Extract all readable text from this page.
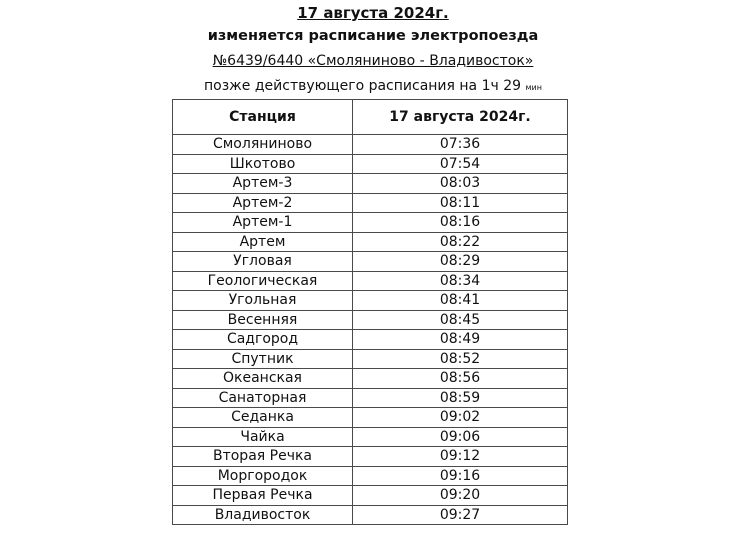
17 августа 2024г.
изменяется расписание электропоезда
№6439/6440 «Смоляниново - Владивосток»
позже действующего расписания на 1ч 29 мин
Станция	17 августа 2024г.
Смоляниново	07:36
Шкотово	07:54
Артем-3	08:03
Артем-2	08:11
Артем-1	08:16
Артем	08:22
Угловая	08:29
Геологическая	08:34
Угольная	08:41
Весенняя	08:45
Садгород	08:49
Спутник	08:52
Океанская	08:56
Санаторная	08:59
Седанка	09:02
Чайка	09:06
Вторая Речка	09:12
Моргородок	09:16
Первая Речка	09:20
Владивосток	09:27
